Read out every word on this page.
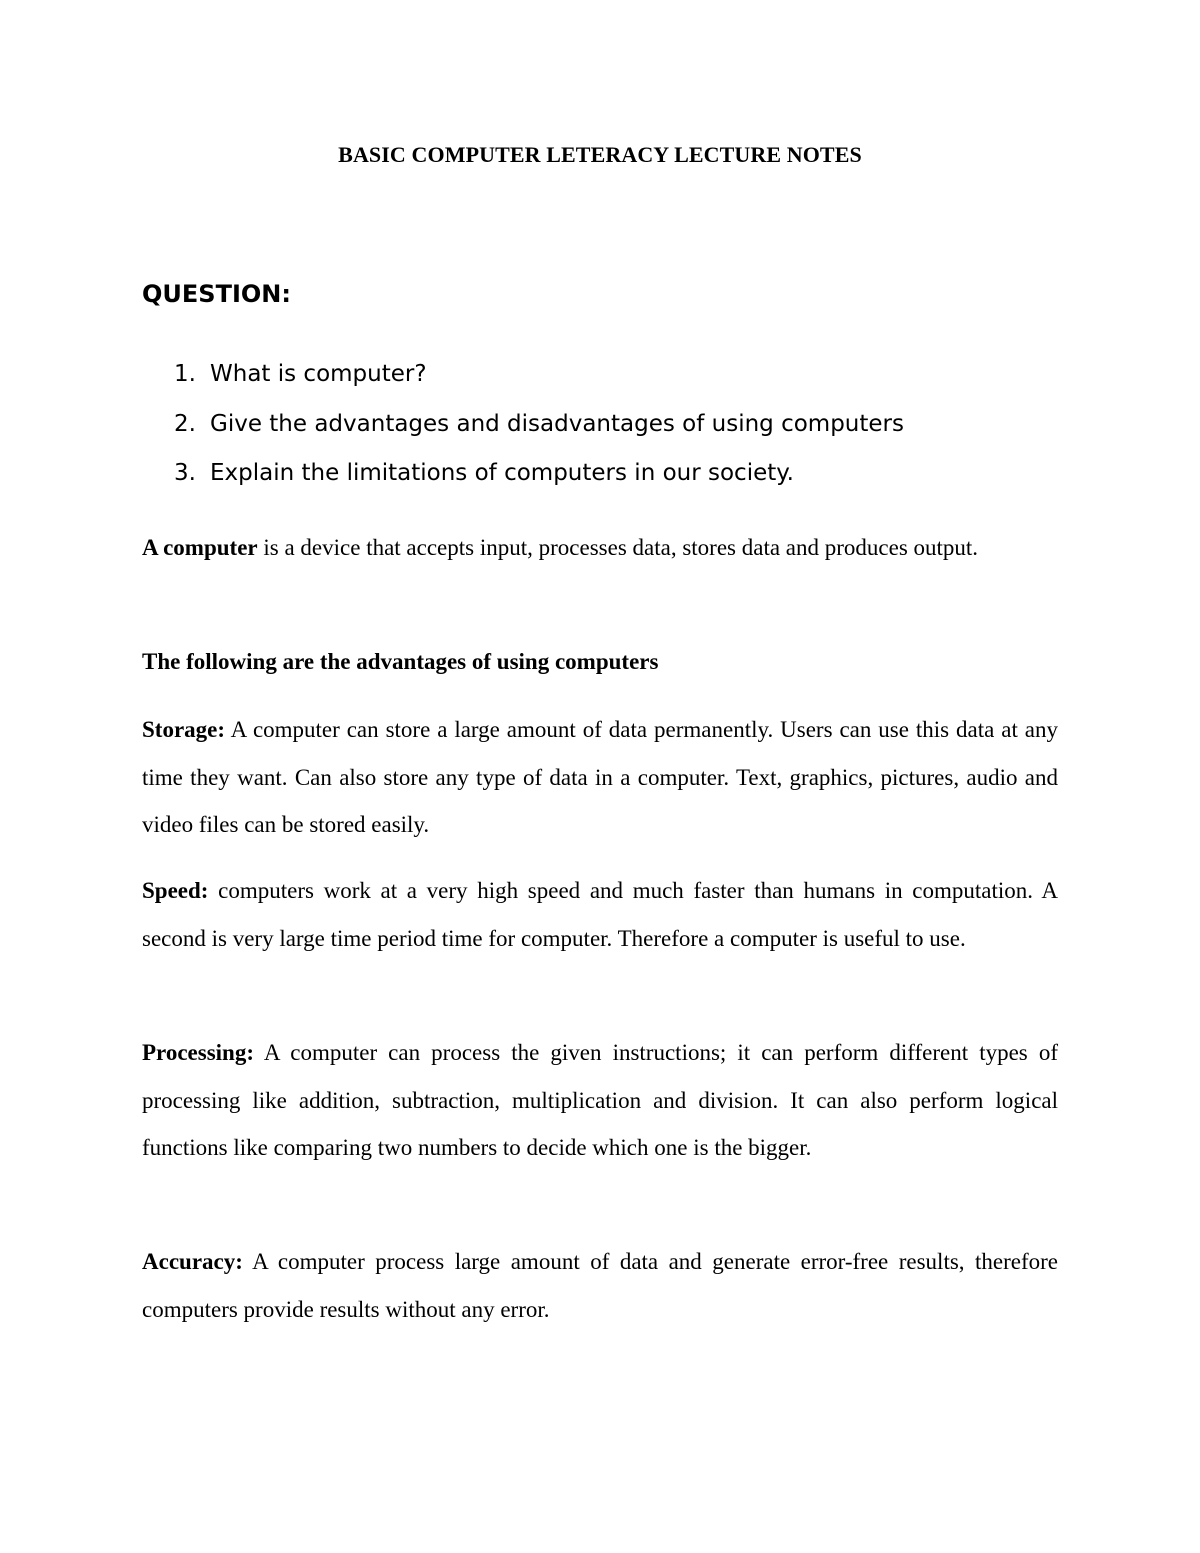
BASIC COMPUTER LETERACY LECTURE NOTES
QUESTION:
1. What is computer?
2. Give the advantages and disadvantages of using computers
3. Explain the limitations of computers in our society.

A computer is a device that accepts input, processes data, stores data and produces output.

The following are the advantages of using computers

Storage: A computer can store a large amount of data permanently. Users can use this data at any time they want. Can also store any type of data in a computer. Text, graphics, pictures, audio and video files can be stored easily.

Speed: computers work at a very high speed and much faster than humans in computation. A second is very large time period time for computer. Therefore a computer is useful to use.

Processing: A computer can process the given instructions; it can perform different types of processing like addition, subtraction, multiplication and division. It can also perform logical functions like comparing two numbers to decide which one is the bigger.

Accuracy: A computer process large amount of data and generate error-free results, therefore computers provide results without any error.
